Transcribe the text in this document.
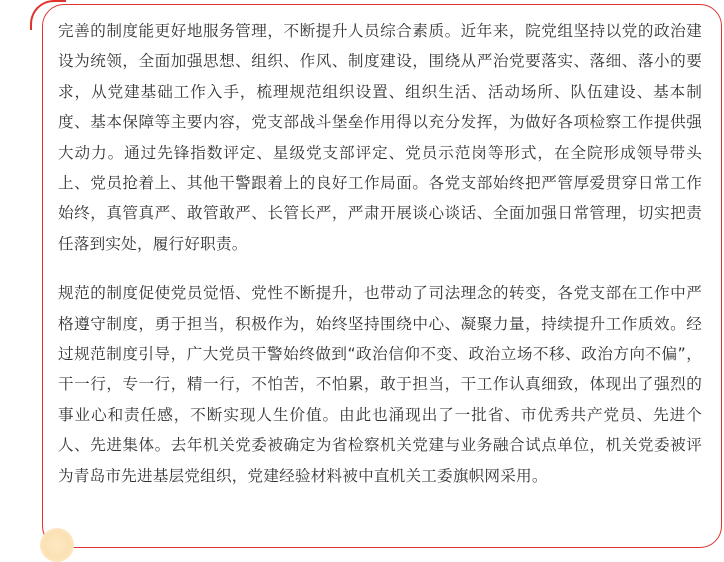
完善的制度能更好地服务管理，不断提升人员综合素质。近年来，院党组坚持以党的政治建设为统领，全面加强思想、组织、作风、制度建设，围绕从严治党要落实、落细、落小的要求，从党建基础工作入手，梳理规范组织设置、组织生活、活动场所、队伍建设、基本制度、基本保障等主要内容，党支部战斗堡垒作用得以充分发挥，为做好各项检察工作提供强大动力。通过先锋指数评定、星级党支部评定、党员示范岗等形式，在全院形成领导带头上、党员抢着上、其他干警跟着上的良好工作局面。各党支部始终把严管厚爱贯穿日常工作始终，真管真严、敢管敢严、长管长严，严肃开展谈心谈话、全面加强日常管理，切实把责任落到实处，履行好职责。

规范的制度促使党员觉悟、党性不断提升，也带动了司法理念的转变，各党支部在工作中严格遵守制度，勇于担当，积极作为，始终坚持围绕中心、凝聚力量，持续提升工作质效。经过规范制度引导，广大党员干警始终做到“政治信仰不变、政治立场不移、政治方向不偏”，干一行，专一行，精一行，不怕苦，不怕累，敢于担当，干工作认真细致，体现出了强烈的事业心和责任感，不断实现人生价值。由此也涌现出了一批省、市优秀共产党员、先进个人、先进集体。去年机关党委被确定为省检察机关党建与业务融合试点单位，机关党委被评为青岛市先进基层党组织，党建经验材料被中直机关工委旗帜网采用。
